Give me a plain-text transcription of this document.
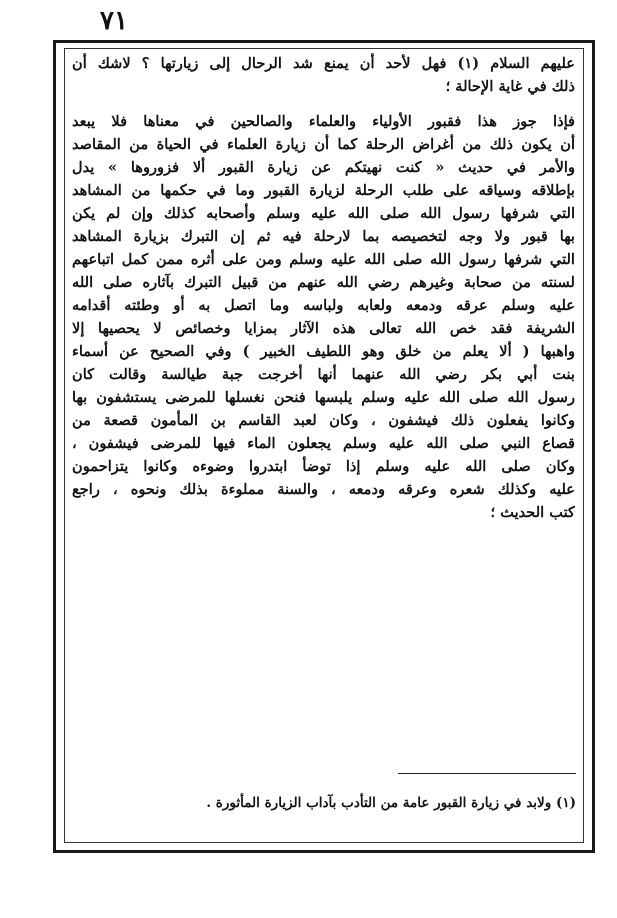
٧١
عليهم السلام (١) فهل لأحد أن يمنع شد الرحال إلى زيارتها ؟ لاشك أن
ذلك في غاية الإحالة ؛
فإذا جوز هذا فقبور الأولياء والعلماء والصالحين في معناها فلا يبعد
أن يكون ذلك من أغراض الرحلة كما أن زيارة العلماء في الحياة من المقاصد
والأمر في حديث « كنت نهيتكم عن زيارة القبور ألا فزوروها » يدل
بإطلاقه وسياقه على طلب الرحلة لزيارة القبور وما في حكمها من المشاهد
التي شرفها رسول الله صلى الله عليه وسلم وأصحابه كذلك وإن لم يكن
بها قبور ولا وجه لتخصيصه بما لارحلة فيه ثم إن التبرك بزيارة المشاهد
التي شرفها رسول الله صلى الله عليه وسلم ومن على أثره ممن كمل اتباعهم
لسنته من صحابة وغيرهم رضي الله عنهم من قبيل التبرك بآثاره صلى الله
عليه وسلم عرقه ودمعه ولعابه ولباسه وما اتصل به أو وطئته أقدامه
الشريفة فقد خص الله تعالى هذه الآثار بمزايا وخصائص لا يحصيها إلا
واهبها ( ألا يعلم من خلق وهو اللطيف الخبير ) وفي الصحيح عن أسماء
بنت أبي بكر رضي الله عنهما أنها أخرجت جبة طيالسة وقالت كان
رسول الله صلى الله عليه وسلم يلبسها فنحن نغسلها للمرضى يستشفون بها
وكانوا يفعلون ذلك فيشفون ، وكان لعبد القاسم بن المأمون قصعة من
قصاع النبي صلى الله عليه وسلم يجعلون الماء فيها للمرضى فيشفون ،
وكان صلى الله عليه وسلم إذا توضأ ابتدروا وضوءه وكانوا يتزاحمون
عليه وكذلك شعره وعرقه ودمعه ، والسنة مملوءة بذلك ونحوه ، راجع
كتب الحديث ؛
(١) ولابد في زيارة القبور عامة من التأدب بآداب الزيارة المأثورة .
